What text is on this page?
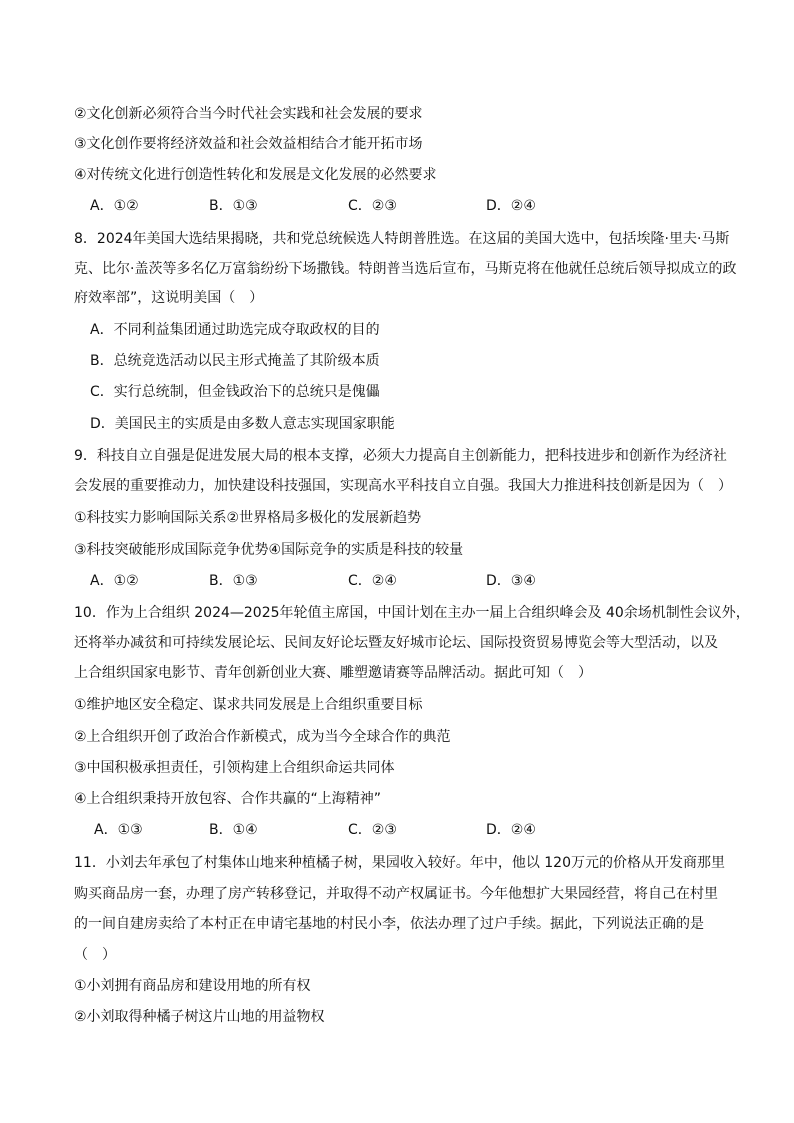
②文化创新必须符合当今时代社会实践和社会发展的要求
③文化创作要将经济效益和社会效益相结合才能开拓市场
④对传统文化进行创造性转化和发展是文化发展的必然要求
A．①②	B．①③	C．②③	D．②④
8．2024年美国大选结果揭晓，共和党总统候选人特朗普胜选。在这届的美国大选中，包括埃隆·里夫·马斯
克、比尔·盖茨等多名亿万富翁纷纷下场撒钱。特朗普当选后宣布，马斯克将在他就任总统后领导拟成立的政
府效率部”，这说明美国（　）
A．不同利益集团通过助选完成夺取政权的目的
B．总统竞选活动以民主形式掩盖了其阶级本质
C．实行总统制，但金钱政治下的总统只是傀儡
D．美国民主的实质是由多数人意志实现国家职能
9．科技自立自强是促进发展大局的根本支撑，必须大力提高自主创新能力，把科技进步和创新作为经济社
会发展的重要推动力，加快建设科技强国，实现高水平科技自立自强。我国大力推进科技创新是因为（　）
①科技实力影响国际关系②世界格局多极化的发展新趋势
③科技突破能形成国际竞争优势④国际竞争的实质是科技的较量
A．①②	B．①③	C．②④	D．③④
10．作为上合组织 2024—2025年轮值主席国，中国计划在主办一届上合组织峰会及 40余场机制性会议外，
还将举办减贫和可持续发展论坛、民间友好论坛暨友好城市论坛、国际投资贸易博览会等大型活动，以及
上合组织国家电影节、青年创新创业大赛、雕塑邀请赛等品牌活动。据此可知（　）
①维护地区安全稳定、谋求共同发展是上合组织重要目标
②上合组织开创了政治合作新模式，成为当今全球合作的典范
③中国积极承担责任，引领构建上合组织命运共同体
④上合组织秉持开放包容、合作共赢的“上海精神”
A．①③	B．①④	C．②③	D．②④
11．小刘去年承包了村集体山地来种植橘子树，果园收入较好。年中，他以 120万元的价格从开发商那里
购买商品房一套，办理了房产转移登记，并取得不动产权属证书。今年他想扩大果园经营，将自己在村里
的一间自建房卖给了本村正在申请宅基地的村民小李，依法办理了过户手续。据此，下列说法正确的是
（　）
①小刘拥有商品房和建设用地的所有权
②小刘取得种橘子树这片山地的用益物权
